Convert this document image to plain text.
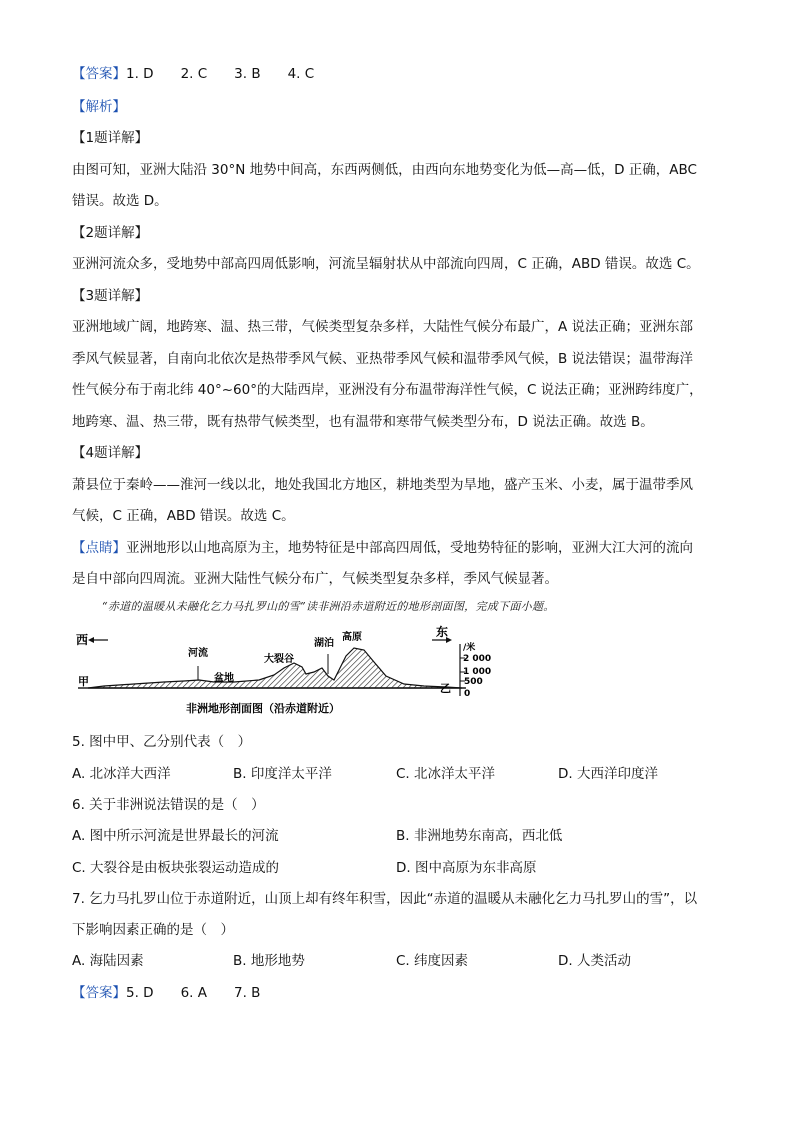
【答案】1. D　　2. C　　3. B　　4. C
【解析】
【1题详解】
由图可知，亚洲大陆沿 30°N 地势中间高，东西两侧低，由西向东地势变化为低—高—低，D 正确，ABC
错误。故选 D。
【2题详解】
亚洲河流众多，受地势中部高四周低影响，河流呈辐射状从中部流向四周，C 正确，ABD 错误。故选 C。
【3题详解】
亚洲地域广阔，地跨寒、温、热三带，气候类型复杂多样，大陆性气候分布最广，A 说法正确；亚洲东部
季风气候显著，自南向北依次是热带季风气候、亚热带季风气候和温带季风气候，B 说法错误；温带海洋
性气候分布于南北纬 40°~60°的大陆西岸，亚洲没有分布温带海洋性气候，C 说法正确；亚洲跨纬度广，
地跨寒、温、热三带，既有热带气候类型，也有温带和寒带气候类型分布，D 说法正确。故选 B。
【4题详解】
萧县位于秦岭——淮河一线以北，地处我国北方地区，耕地类型为旱地，盛产玉米、小麦，属于温带季风
气候，C 正确，ABD 错误。故选 C。
【点睛】亚洲地形以山地高原为主，地势特征是中部高四周低，受地势特征的影响，亚洲大江大河的流向
是自中部向四周流。亚洲大陆性气候分布广，气候类型复杂多样，季风气候显著。
“赤道的温暖从未融化乞力马扎罗山的雪”读非洲沿赤道附近的地形剖面图，完成下面小题。
西
东
甲
乙
河流
盆地
大裂谷
湖泊
高原
/米
2 000
1 000
500
0
非洲地形剖面图（沿赤道附近）
5. 图中甲、乙分别代表（　）
A. 北冰洋大西洋	B. 印度洋太平洋	C. 北冰洋太平洋	D. 大西洋印度洋
6. 关于非洲说法错误的是（　）
A. 图中所示河流是世界最长的河流	B. 非洲地势东南高，西北低
C. 大裂谷是由板块张裂运动造成的	D. 图中高原为东非高原
7. 乞力马扎罗山位于赤道附近，山顶上却有终年积雪，因此“赤道的温暖从未融化乞力马扎罗山的雪”，以
下影响因素正确的是（　）
A. 海陆因素	B. 地形地势	C. 纬度因素	D. 人类活动
【答案】5. D　　6. A　　7. B
